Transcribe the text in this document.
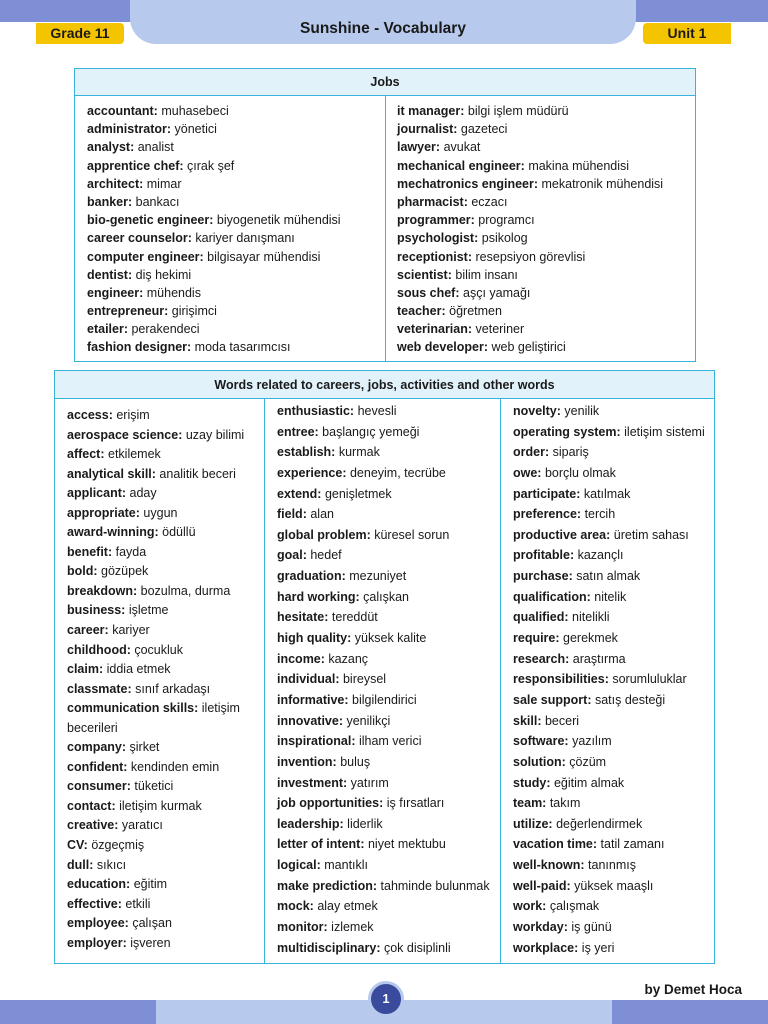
Sunshine - Vocabulary
Grade 11	Unit 1
Jobs
accountant: muhasebeci
administrator: yönetici
analyst: analist
apprentice chef: çırak şef
architect: mimar
banker: bankacı
bio-genetic engineer: biyogenetik mühendisi
career counselor: kariyer danışmanı
computer engineer: bilgisayar mühendisi
dentist: diş hekimi
engineer: mühendis
entrepreneur: girişimci
etailer: perakendeci
fashion designer: moda tasarımcısı
it manager: bilgi işlem müdürü
journalist: gazeteci
lawyer: avukat
mechanical engineer: makina mühendisi
mechatronics engineer: mekatronik mühendisi
pharmacist: eczacı
programmer: programcı
psychologist: psikolog
receptionist: resepsiyon görevlisi
scientist: bilim insanı
sous chef: aşçı yamağı
teacher: öğretmen
veterinarian: veteriner
web developer: web geliştirici
Words related to careers, jobs, activities and other words
access: erişim
aerospace science: uzay bilimi
affect: etkilemek
analytical skill: analitik beceri
applicant: aday
appropriate: uygun
award-winning: ödüllü
benefit: fayda
bold: gözüpek
breakdown: bozulma, durma
business: işletme
career: kariyer
childhood: çocukluk
claim: iddia etmek
classmate: sınıf arkadaşı
communication skills: iletişim
becerileri
company: şirket
confident: kendinden emin
consumer: tüketici
contact: iletişim kurmak
creative: yaratıcı
CV: özgeçmiş
dull: sıkıcı
education: eğitim
effective: etkili
employee: çalışan
employer: işveren
enthusiastic: hevesli
entree: başlangıç yemeği
establish: kurmak
experience: deneyim, tecrübe
extend: genişletmek
field: alan
global problem: küresel sorun
goal: hedef
graduation: mezuniyet
hard working: çalışkan
hesitate: tereddüt
high quality: yüksek kalite
income: kazanç
individual: bireysel
informative: bilgilendirici
innovative: yenilikçi
inspirational: ilham verici
invention: buluş
investment: yatırım
job opportunities: iş fırsatları
leadership: liderlik
letter of intent: niyet mektubu
logical: mantıklı
make prediction: tahminde bulunmak
mock: alay etmek
monitor: izlemek
multidisciplinary: çok disiplinli
novelty: yenilik
operating system: iletişim sistemi
order: sipariş
owe: borçlu olmak
participate: katılmak
preference: tercih
productive area: üretim sahası
profitable: kazançlı
purchase: satın almak
qualification: nitelik
qualified: nitelikli
require: gerekmek
research: araştırma
responsibilities: sorumluluklar
sale support: satış desteği
skill: beceri
software: yazılım
solution: çözüm
study: eğitim almak
team: takım
utilize: değerlendirmek
vacation time: tatil zamanı
well-known: tanınmış
well-paid: yüksek maaşlı
work: çalışmak
workday: iş günü
workplace: iş yeri
1
by Demet Hoca
